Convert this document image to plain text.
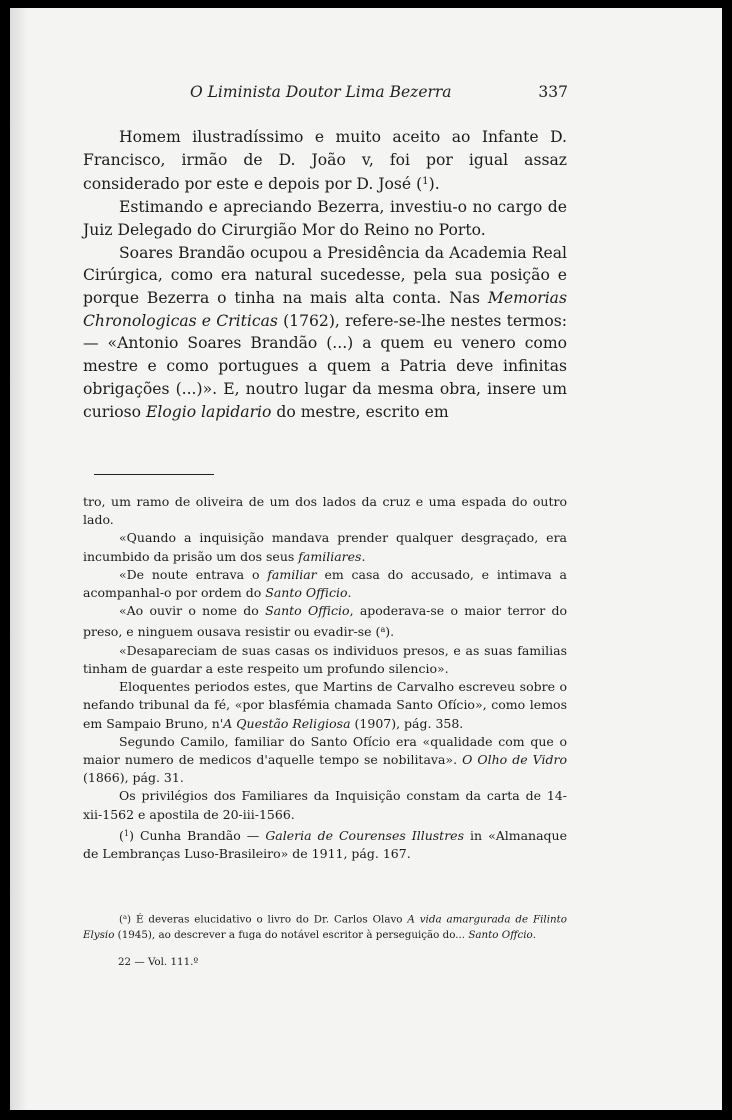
O Liminista Doutor Lima Bezerra	337

Homem ilustradíssimo e muito aceito ao Infante D. Francisco, irmão de D. João v, foi por igual assaz considerado por este e depois por D. José ($^1$).

Estimando e apreciando Bezerra, investiu-o no cargo de Juiz Delegado do Cirurgião Mor do Reino no Porto.

Soares Brandão ocupou a Presidência da Academia Real Cirúrgica, como era natural sucedesse, pela sua posição e porque Bezerra o tinha na mais alta conta. Nas Memorias Chronologicas e Criticas (1762), refere-se-lhe nestes termos: — «Antonio Soares Brandão (...) a quem eu venero como mestre e como portugues a quem a Patria deve infinitas obrigações (...)». E, noutro lugar da mesma obra, insere um curioso Elogio lapidario do mestre, escrito em

tro, um ramo de oliveira de um dos lados da cruz e uma espada do outro lado.

«Quando a inquisição mandava prender qualquer desgraçado, era incumbido da prisão um dos seus familiares.

«De noute entrava o familiar em casa do accusado, e intimava a acompanhal-o por ordem do Santo Officio.

«Ao ouvir o nome do Santo Officio, apoderava-se o maior terror do preso, e ninguem ousava resistir ou evadir-se ($^a$).

«Desapareciam de suas casas os individuos presos, e as suas familias tinham de guardar a este respeito um profundo silencio».

Eloquentes periodos estes, que Martins de Carvalho escreveu sobre o nefando tribunal da fé, «por blasfémia chamada Santo Ofício», como lemos em Sampaio Bruno, n'A Questão Religiosa (1907), pág. 358.

Segundo Camilo, familiar do Santo Ofício era «qualidade com que o maior numero de medicos d'aquelle tempo se nobilitava». O Olho de Vidro (1866), pág. 31.

Os privilégios dos Familiares da Inquisição constam da carta de 14-xii-1562 e apostila de 20-iii-1566.

($^1$) Cunha Brandão — Galeria de Courenses Illustres in «Almanaque de Lembranças Luso-Brasileiro» de 1911, pág. 167.

($^a$) É deveras elucidativo o livro do Dr. Carlos Olavo A vida amargurada de Filinto Elysio (1945), ao descrever a fuga do notável escritor à perseguição do... Santo Offcio.

22 — Vol. 111.º
